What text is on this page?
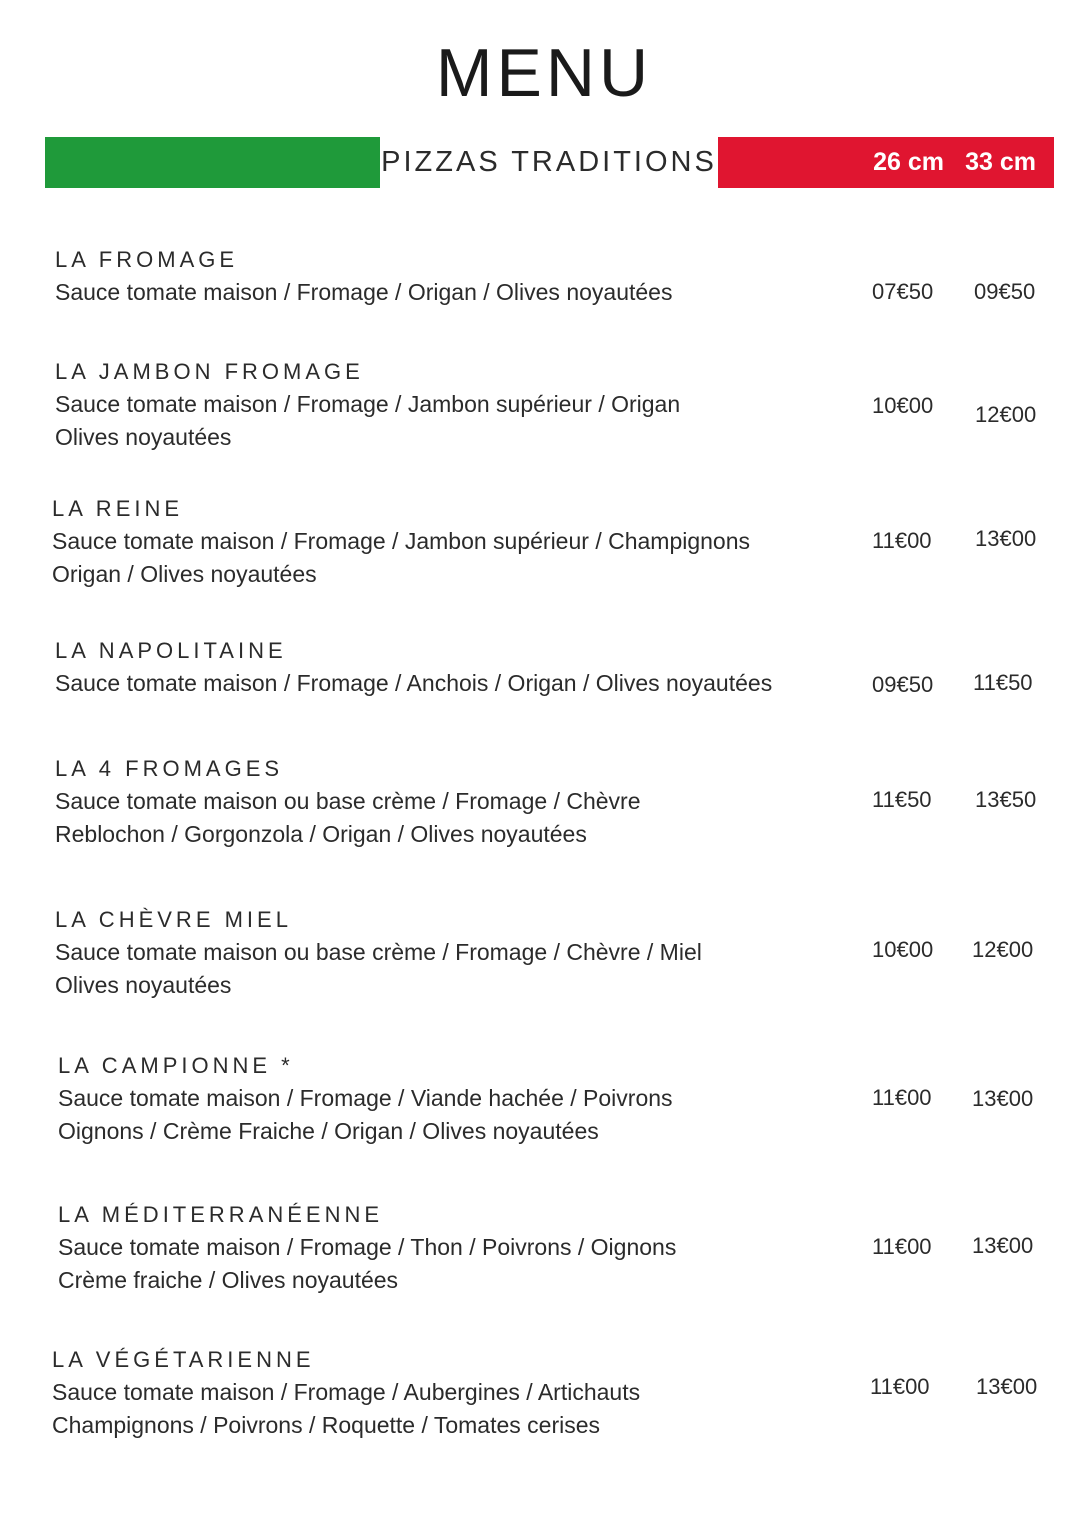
MENU
PIZZAS TRADITIONS	26 cm 33 cm
LA FROMAGE
Sauce tomate maison / Fromage / Origan / Olives noyautées	07€50 09€50
LA JAMBON FROMAGE
Sauce tomate maison / Fromage / Jambon supérieur / Origan
Olives noyautées
10€00 12€00
LA REINE
Sauce tomate maison / Fromage / Jambon supérieur / Champignons
Origan / Olives noyautées
11€00 13€00
LA NAPOLITAINE
Sauce tomate maison / Fromage / Anchois / Origan / Olives noyautées	09€50 11€50
LA 4 FROMAGES
Sauce tomate maison ou base crème / Fromage / Chèvre
Reblochon / Gorgonzola / Origan / Olives noyautées
11€50 13€50
LA CHÈVRE MIEL
Sauce tomate maison ou base crème / Fromage / Chèvre / Miel
Olives noyautées
10€00 12€00
LA CAMPIONNE *
Sauce tomate maison / Fromage / Viande hachée / Poivrons
Oignons / Crème Fraiche / Origan / Olives noyautées
11€00 13€00
LA MÉDITERRANÉENNE
Sauce tomate maison / Fromage / Thon / Poivrons / Oignons
Crème fraiche / Olives noyautées
11€00 13€00
LA VÉGÉTARIENNE
Sauce tomate maison / Fromage / Aubergines / Artichauts
Champignons / Poivrons / Roquette / Tomates cerises
11€00 13€00
